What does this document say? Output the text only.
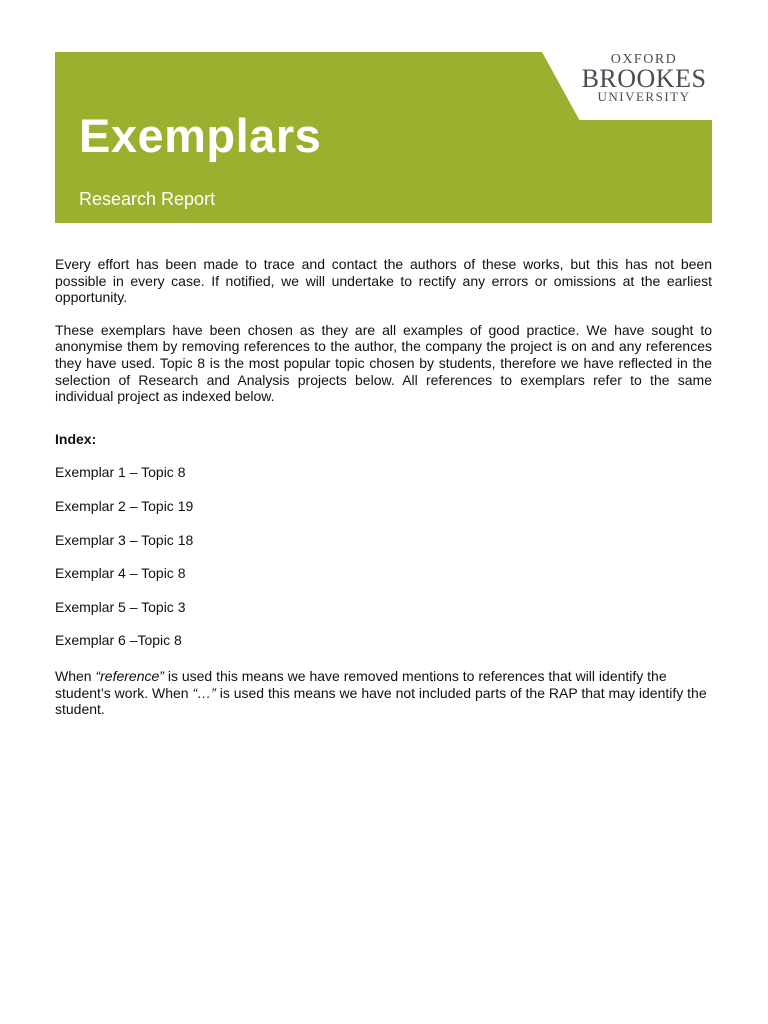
Exemplars
Research Report
OXFORD
BROOKES
UNIVERSITY

Every effort has been made to trace and contact the authors of these works, but this has not been possible in every case. If notified, we will undertake to rectify any errors or omissions at the earliest opportunity.

These exemplars have been chosen as they are all examples of good practice. We have sought to anonymise them by removing references to the author, the company the project is on and any references they have used. Topic 8 is the most popular topic chosen by students, therefore we have reflected in the selection of Research and Analysis projects below. All references to exemplars refer to the same individual project as indexed below.

Index:

Exemplar 1 – Topic 8
Exemplar 2 – Topic 19
Exemplar 3 – Topic 18
Exemplar 4 – Topic 8
Exemplar 5 – Topic 3
Exemplar 6 –Topic 8

When “reference” is used this means we have removed mentions to references that will identify the student’s work. When “…” is used this means we have not included parts of the RAP that may identify the student.
